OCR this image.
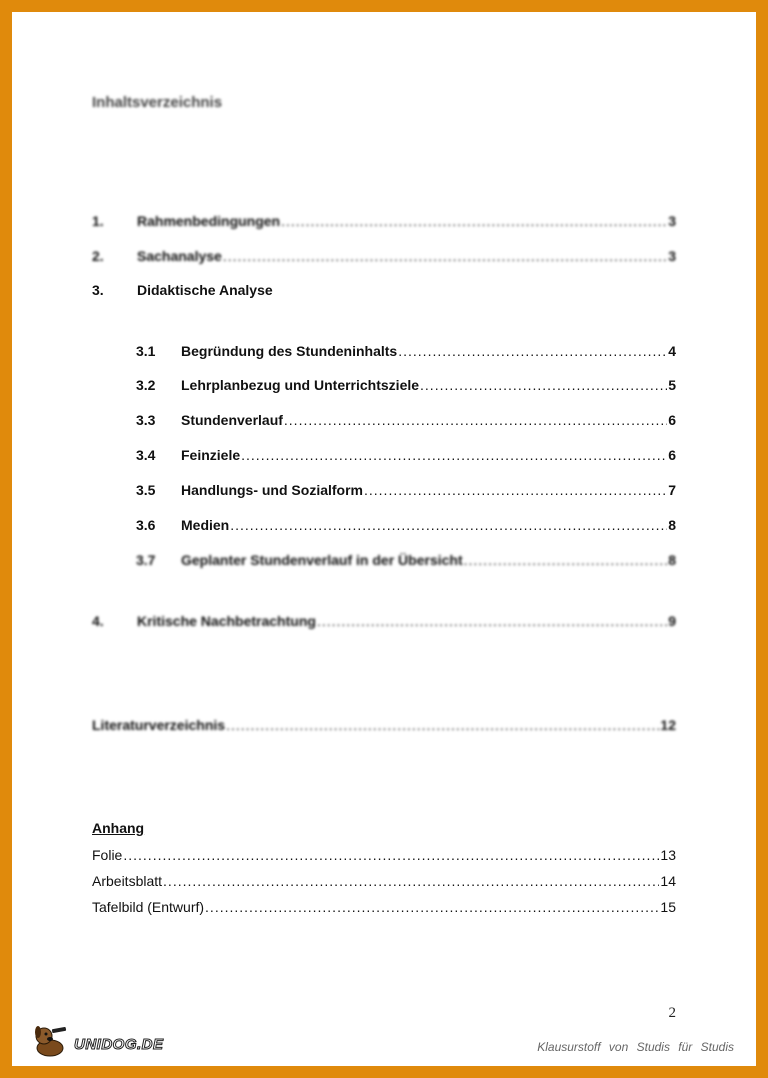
Inhaltsverzeichnis
1.	Rahmenbedingungen .....	3
2.	Sachanalyse .....	3
3.	Didaktische Analyse
3.1	Begründung des Stundeninhalts .....	4
3.2	Lehrplanbezug und Unterrichtsziele .....	5
3.3	Stundenverlauf .....	6
3.4	Feinziele .....	6
3.5	Handlungs- und Sozialform .....	7
3.6	Medien .....	8
3.7	Geplanter Stundenverlauf in der Übersicht .....	8
4.	Kritische Nachbetrachtung .....	9
Literaturverzeichnis .....	12
Anhang
Folie .....	13
Arbeitsblatt .....	14
Tafelbild (Entwurf) .....	15
2
UNIDOG.DE	Klausurstoff von Studis für Studis
